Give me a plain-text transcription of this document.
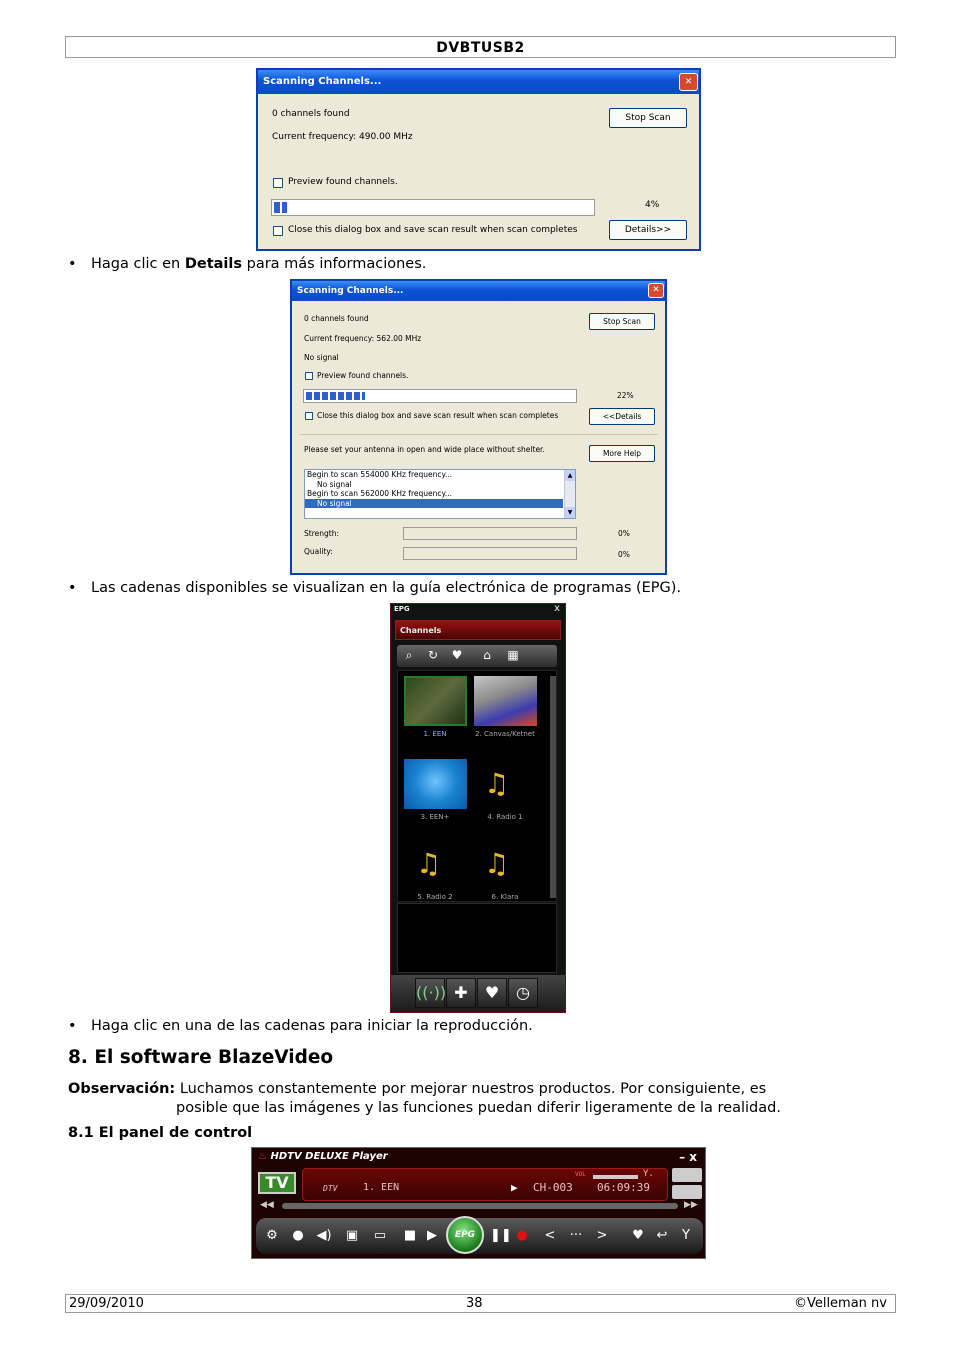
DVBTUSB2
Scanning Channels...	✕
0 channels found
Current frequency: 490.00 MHz
Stop Scan
Preview found channels.
4%
Close this dialog box and save scan result when scan completes	Details>>
• Haga clic en Details para más informaciones.
Scanning Channels...	✕
0 channels found
Current frequency: 562.00 MHz
No signal
Stop Scan
Preview found channels.
22%
Close this dialog box and save scan result when scan completes	<<Details
Please set your antenna in open and wide place without shelter.	More Help
Begin to scan 554000 KHz frequency...
No signal
Begin to scan 562000 KHz frequency...
No signal
▲
▼
Strength:	0%
Quality:	0%
• Las cadenas disponibles se visualizan en la guía electrónica de programas (EPG).
EPG	x
Channels
⌕	↻ ♥	⌂	▦
1. EEN	2. Canvas/Ketnet
3. EEN+
♫
4. Radio 1
♫
5. Radio 2
♫
6. Klara
((·)) ✚	♥	◷
• Haga clic en una de las cadenas para iniciar la reproducción.
8. El software BlazeVideo
Observación: Luchamos constantemente por mejorar nuestros productos. Por consiguiente, es
posible que las imágenes y las funciones puedan diferir ligeramente de la realidad.
8.1 El panel de control
♨ HDTV DELUXE Player	– x
TV	VOL	Y.
DTV	1. EEN	▶ CH-003 06:09:39
◀◀	▶▶
⚙	● ◀) ▣ ▭ ■ ▶	❚❚ ●	<	···	>	♥ ↩	Y
EPG
29/09/2010	38	©Velleman nv
